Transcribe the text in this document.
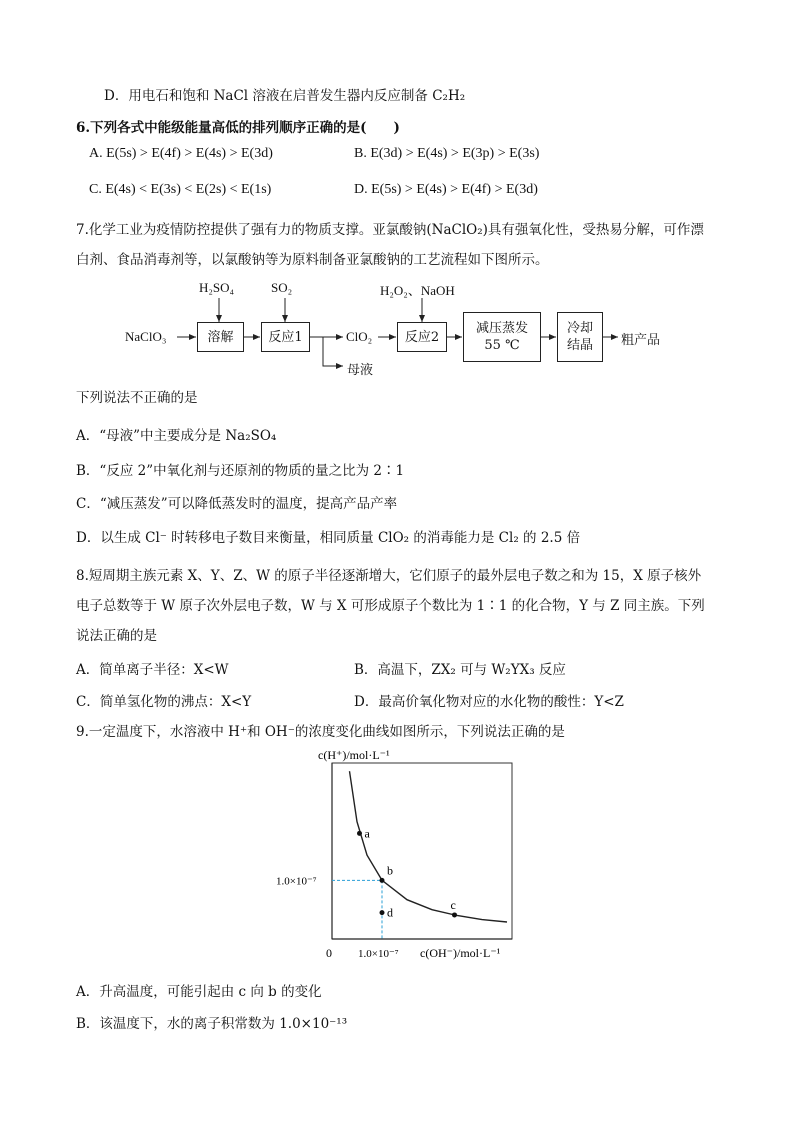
D．用电石和饱和 NaCl 溶液在启普发生器内反应制备 C₂H₂
6.下列各式中能级能量高低的排列顺序正确的是(　　)
A. E(5s) > E(4f) > E(4s) > E(3d)	B. E(3d) > E(4s) > E(3p) > E(3s)
C. E(4s) < E(3s) < E(2s) < E(1s)	D. E(5s) > E(4s) > E(4f) > E(3d)
7.化学工业为疫情防控提供了强有力的物质支撑。亚氯酸钠(NaClO₂)具有强氧化性，受热易分解，可作漂
白剂、食品消毒剂等，以氯酸钠等为原料制备亚氯酸钠的工艺流程如下图所示。
H₂SO₄	SO₂	H₂O₂、NaOH
NaClO₃	溶解	反应1	ClO₂	反应2
减压蒸发
55 ℃
冷却
结晶 粗产品
母液
下列说法不正确的是
A．“母液”中主要成分是 Na₂SO₄
B．“反应 2”中氧化剂与还原剂的物质的量之比为 2∶1
C．“减压蒸发”可以降低蒸发时的温度，提高产品产率
D．以生成 Cl⁻ 时转移电子数目来衡量，相同质量 ClO₂ 的消毒能力是 Cl₂ 的 2.5 倍
8.短周期主族元素 X、Y、Z、W 的原子半径逐渐增大，它们原子的最外层电子数之和为 15，X 原子核外
电子总数等于 W 原子次外层电子数，W 与 X 可形成原子个数比为 1∶1 的化合物，Y 与 Z 同主族。下列
说法正确的是
A．简单离子半径：X<W	B．高温下，ZX₂ 可与 W₂YX₃ 反应
C．简单氢化物的沸点：X<Y	D．最高价氧化物对应的水化物的酸性：Y<Z
9.一定温度下，水溶液中 H⁺和 OH⁻的浓度变化曲线如图所示，下列说法正确的是
c(H⁺)/mol·L⁻¹
0 1.0×10⁻⁷
1.0×10⁻⁷
c(OH⁻)/mol·L⁻¹
a
b
c
d
A．升高温度，可能引起由 c 向 b 的变化
B．该温度下，水的离子积常数为 1.0×10⁻¹³
